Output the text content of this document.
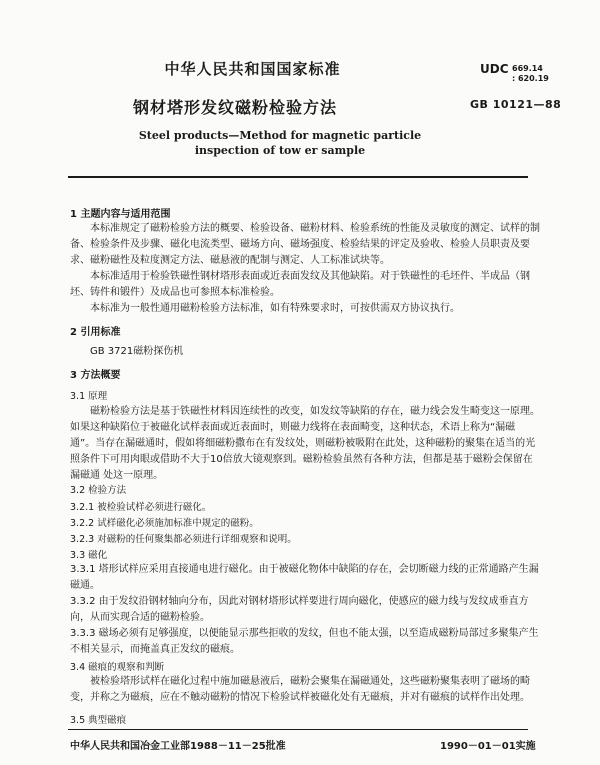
中华人民共和国国家标准	UDC 669.14
: 620.19
钢材塔形发纹磁粉检验方法	GB 10121—88
Steel products—Method for magnetic particle
inspection of tow er sample
1 主题内容与适用范围
本标准规定了磁粉检验方法的概要、检验设备、磁粉材料、检验系统的性能及灵敏度的测定、试样的制备、检验条件及步骤、磁化电流类型、磁场方向、磁场强度、检验结果的评定及验收、检验人员职责及要求、磁粉磁性及粒度测定方法、磁悬液的配制与测定、人工标准试块等。
本标准适用于检验铁磁性钢材塔形表面或近表面发纹及其他缺陷。对于铁磁性的毛坯件、半成品（钢坯、铸件和锻件）及成品也可参照本标准检验。
本标准为一般性通用磁粉检验方法标准，如有特殊要求时，可按供需双方协议执行。
2 引用标准
GB 3721磁粉探伤机
3 方法概要
3.1 原理
磁粉检验方法是基于铁磁性材料因连续性的改变，如发纹等缺陷的存在，磁力线会发生畸变这一原理。如果这种缺陷位于被磁化试样表面或近表面时，则磁力线将在表面畸变，这种状态，术语上称为“漏磁通”。当存在漏磁通时，假如将细磁粉撒布在有发纹处，则磁粉被吸附在此处，这种磁粉的聚集在适当的光照条件下可用肉眼或借助不大于10倍放大镜观察到。磁粉检验虽然有各种方法，但都是基于磁粉会保留在漏磁通 处这一原理。
3.2 检验方法
3.2.1 被检验试样必须进行磁化。
3.2.2 试样磁化必须施加标准中规定的磁粉。
3.2.3 对磁粉的任何聚集都必须进行详细观察和说明。
3.3 磁化
3.3.1 塔形试样应采用直接通电进行磁化。由于被磁化物体中缺陷的存在，会切断磁力线的正常通路产生漏磁通。
3.3.2 由于发纹沿钢材轴向分布，因此对钢材塔形试样要进行周向磁化，使感应的磁力线与发纹成垂直方向，从而实现合适的磁粉检验。
3.3.3 磁场必须有足够强度，以便能显示那些拒收的发纹，但也不能太强，以至造成磁粉局部过多聚集产生不相关显示，而掩盖真正发纹的磁痕。
3.4 磁痕的观察和判断
被检验塔形试样在磁化过程中施加磁悬液后，磁粉会聚集在漏磁通处，这些磁粉聚集表明了磁场的畸变，并称之为磁痕，应在不触动磁粉的情况下检验试样被磁化处有无磁痕，并对有磁痕的试样作出处理。
3.5 典型磁痕
中华人民共和国冶金工业部1988－11－25批准	1990－01－01实施
